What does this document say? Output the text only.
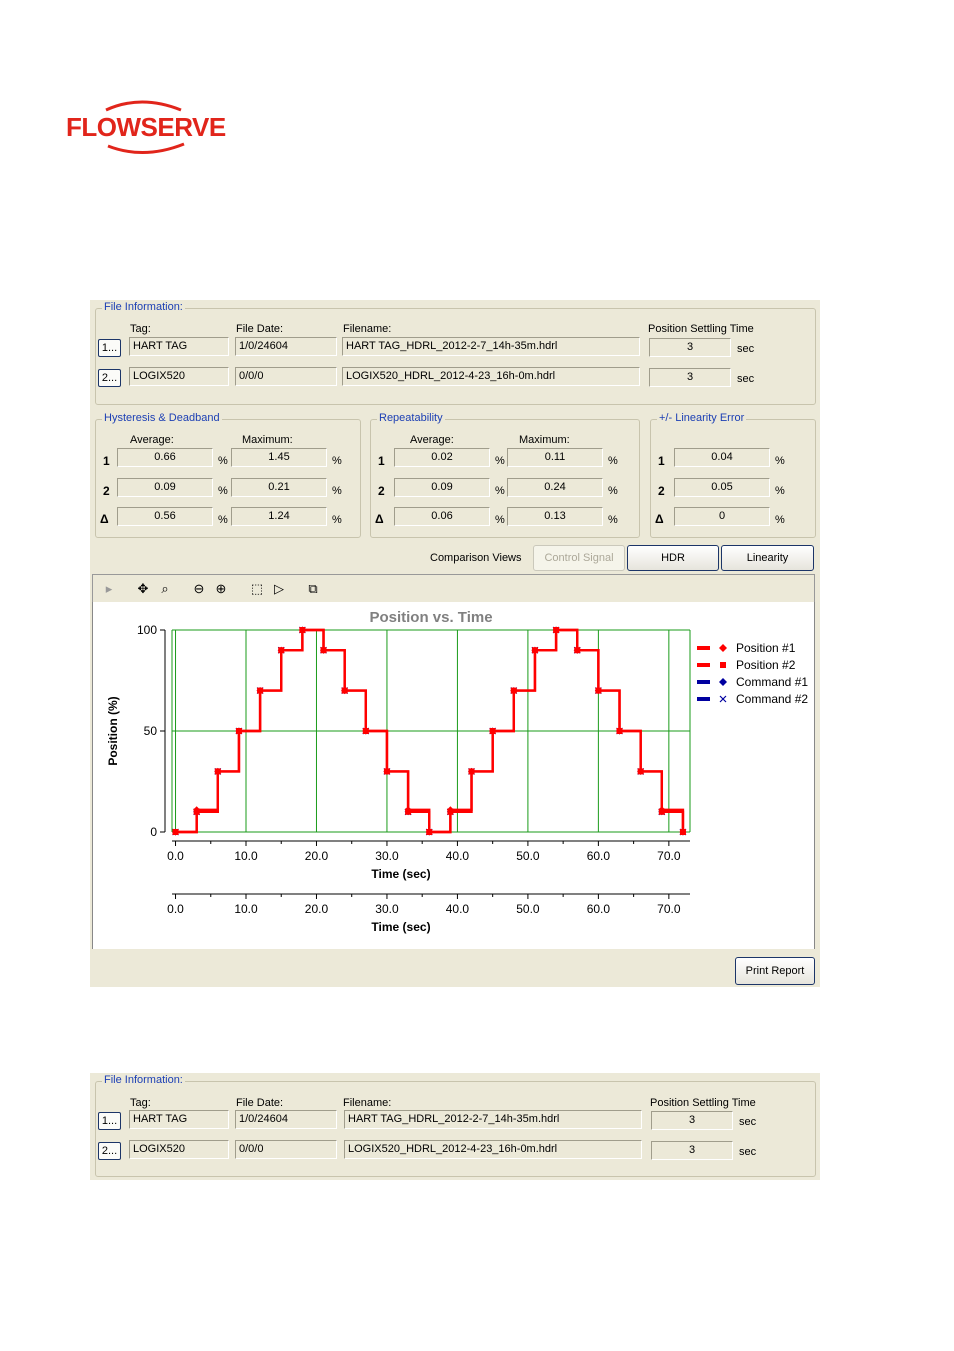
FLOWSERVE
File Information:
Tag:	File Date:	Filename:	Position Settling Time
1...	HART TAG	1/0/24604	HART TAG_HDRL_2012-2-7_14h-35m.hdrl	3	sec
2...	LOGIX520	0/0/0	LOGIX520_HDRL_2012-4-23_16h-0m.hdrl	3	sec
Hysteresis & Deadband
Average:	Maximum:
1	0.66	%	1.45	%
2	0.09	%	0.21	%
Δ	0.56	%	1.24	%
Repeatability
Average:	Maximum:
1	0.02	%	0.11	%
2	0.09	%	0.24	%
Δ	0.06	%	0.13	%
+/- Linearity Error
1	0.04	%
2	0.05	%
Δ	0	%
Comparison Views	Control Signal	HDR	Linearity
▸	✥ ⌕	⊖ ⊕	⬚ ▷	⧉
Position vs. Time
0
50
100
Position (%)
0.0	10.0	20.0	30.0	40.0	50.0	60.0	70.0
Time (sec)
0.0	10.0	20.0	30.0	40.0	50.0	60.0	70.0
Time (sec)
Position #1
Position #2
Command #1
Command #2
Print Report
File Information:
Tag:	File Date:	Filename:	Position Settling Time
1...	HART TAG	1/0/24604	HART TAG_HDRL_2012-2-7_14h-35m.hdrl	3	sec
2...	LOGIX520	0/0/0	LOGIX520_HDRL_2012-4-23_16h-0m.hdrl	3	sec
